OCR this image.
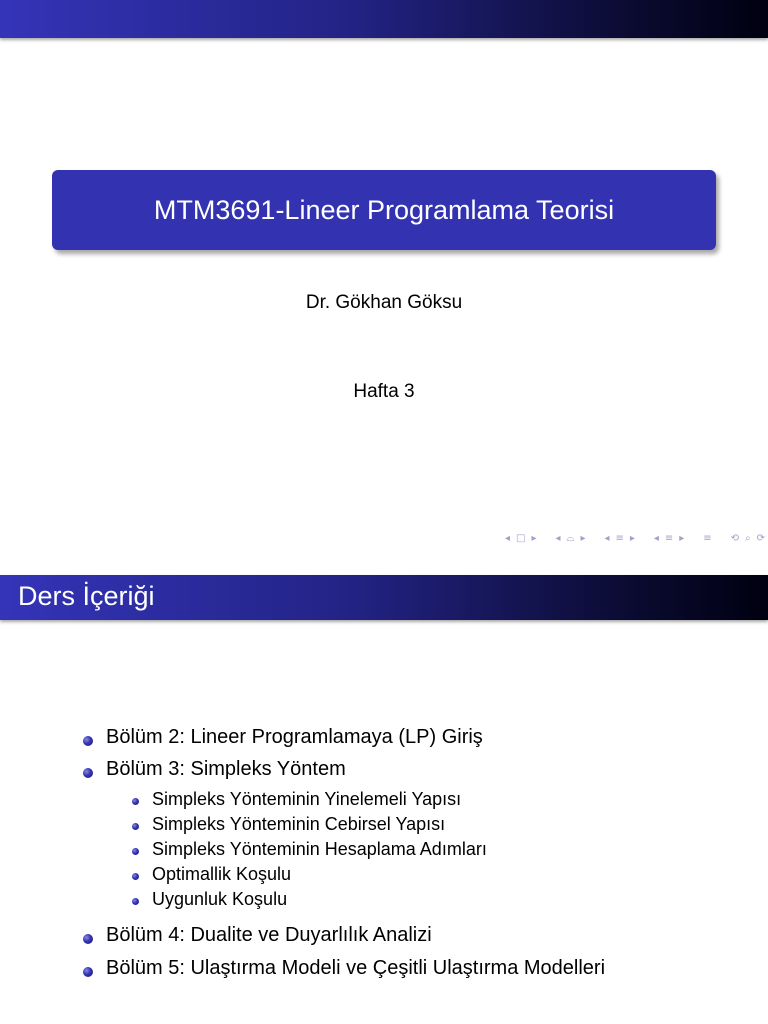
MTM3691-Lineer Programlama Teorisi
Dr. Gökhan Göksu
Hafta 3
◂ □ ▸ ◂ ⌓ ▸ ◂ ≡ ▸ ◂ ≡ ▸ ≡ ⟲ ⌕ ⟳
Ders İçeriği
Bölüm 2: Lineer Programlamaya (LP) Giriş
Bölüm 3: Simpleks Yöntem
Simpleks Yönteminin Yinelemeli Yapısı
Simpleks Yönteminin Cebirsel Yapısı
Simpleks Yönteminin Hesaplama Adımları
Optimallik Koşulu
Uygunluk Koşulu
Bölüm 4: Dualite ve Duyarlılık Analizi
Bölüm 5: Ulaştırma Modeli ve Çeşitli Ulaştırma Modelleri
